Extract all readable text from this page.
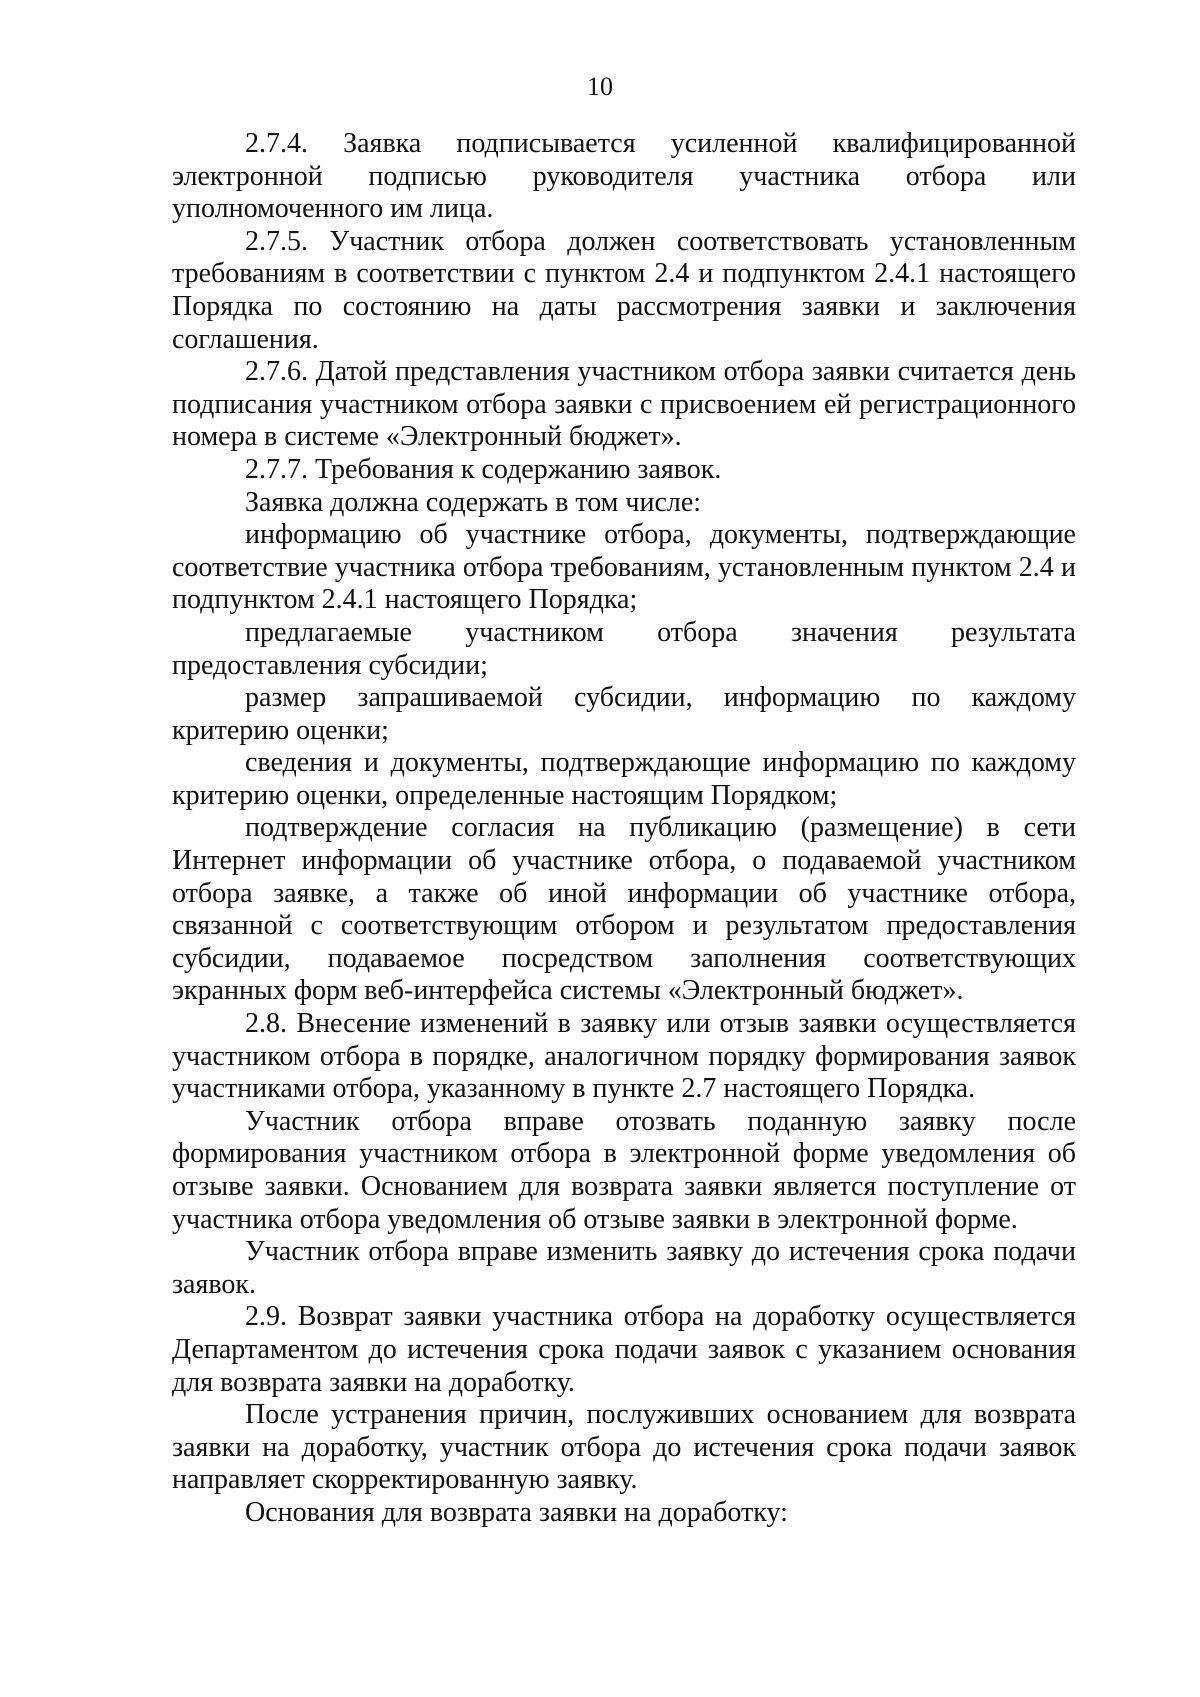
10

2.7.4. Заявка подписывается усиленной квалифицированной электронной подписью руководителя участника отбора или уполномоченного им лица.

2.7.5. Участник отбора должен соответствовать установленным требованиям в соответствии с пунктом 2.4 и подпунктом 2.4.1 настоящего Порядка по состоянию на даты рассмотрения заявки и заключения соглашения.

2.7.6. Датой представления участником отбора заявки считается день подписания участником отбора заявки с присвоением ей регистрационного номера в системе «Электронный бюджет».

2.7.7. Требования к содержанию заявок.

Заявка должна содержать в том числе:

информацию об участнике отбора, документы, подтверждающие соответствие участника отбора требованиям, установленным пунктом 2.4 и подпунктом 2.4.1 настоящего Порядка;

предлагаемые участником отбора значения результата предоставления субсидии;

размер запрашиваемой субсидии, информацию по каждому критерию оценки;

сведения и документы, подтверждающие информацию по каждому критерию оценки, определенные настоящим Порядком;

подтверждение согласия на публикацию (размещение) в сети Интернет информации об участнике отбора, о подаваемой участником отбора заявке, а также об иной информации об участнике отбора, связанной с соответствующим отбором и результатом предоставления субсидии, подаваемое посредством заполнения соответствующих экранных форм веб-интерфейса системы «Электронный бюджет».

2.8. Внесение изменений в заявку или отзыв заявки осуществляется участником отбора в порядке, аналогичном порядку формирования заявок участниками отбора, указанному в пункте 2.7 настоящего Порядка.

Участник отбора вправе отозвать поданную заявку после формирования участником отбора в электронной форме уведомления об отзыве заявки. Основанием для возврата заявки является поступление от участника отбора уведомления об отзыве заявки в электронной форме.

Участник отбора вправе изменить заявку до истечения срока подачи заявок.

2.9. Возврат заявки участника отбора на доработку осуществляется Департаментом до истечения срока подачи заявок с указанием основания для возврата заявки на доработку.

После устранения причин, послуживших основанием для возврата заявки на доработку, участник отбора до истечения срока подачи заявок направляет скорректированную заявку.

Основания для возврата заявки на доработку:
